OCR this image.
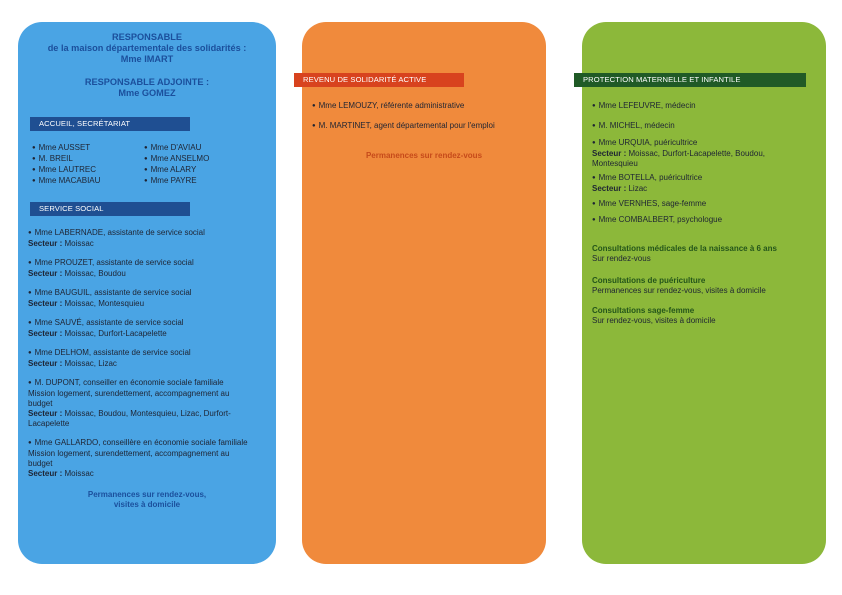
RESPONSABLE
de la maison départementale des solidarités :
Mme IMART
RESPONSABLE ADJOINTE :
Mme GOMEZ
ACCUEIL, SECRÉTARIAT
● Mme AUSSET
● M. BREIL
● Mme LAUTREC
● Mme MACABIAU
● Mme D'AVIAU
● Mme ANSELMO
● Mme ALARY
● Mme PAYRE
SERVICE SOCIAL
● Mme LABERNADE, assistante de service social
Secteur : Moissac
● Mme PROUZET, assistante de service social
Secteur : Moissac, Boudou
● Mme BAUGUIL, assistante de service social
Secteur : Moissac, Montesquieu
● Mme SAUVÉ, assistante de service social
Secteur : Moissac, Durfort-Lacapelette
● Mme DELHOM, assistante de service social
Secteur : Moissac, Lizac
● M. DUPONT, conseiller en économie sociale familiale
Mission logement, surendettement, accompagnement au
budget
Secteur : Moissac, Boudou, Montesquieu, Lizac, Durfort-
Lacapelette
● Mme GALLARDO, conseillère en économie sociale familiale
Mission logement, surendettement, accompagnement au
budget
Secteur : Moissac
Permanences sur rendez-vous,
visites à domicile
REVENU DE SOLIDARITÉ ACTIVE
● Mme LEMOUZY, référente administrative
● M. MARTINET, agent départemental pour l'emploi
Permanences sur rendez-vous
PROTECTION MATERNELLE ET INFANTILE
● Mme LEFEUVRE, médecin
● M. MICHEL, médecin
● Mme URQUIA, puéricultrice
Secteur : Moissac, Durfort-Lacapelette, Boudou,
Montesquieu
● Mme BOTELLA, puéricultrice
Secteur : Lizac
● Mme VERNHES, sage-femme
● Mme COMBALBERT, psychologue
Consultations médicales de la naissance à 6 ans
Sur rendez-vous
Consultations de puériculture
Permanences sur rendez-vous, visites à domicile
Consultations sage-femme
Sur rendez-vous, visites à domicile
